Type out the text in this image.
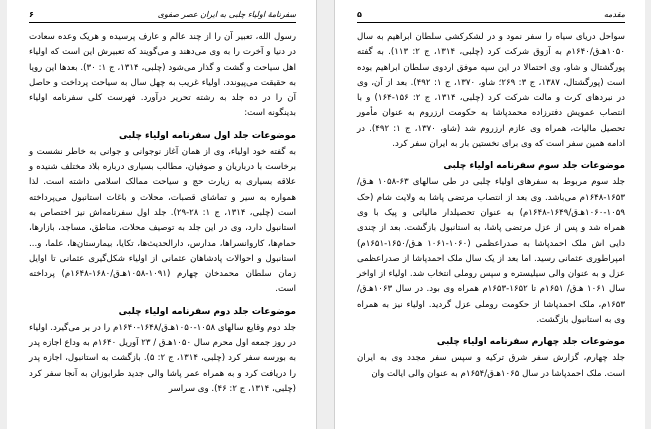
۶	سفرنامهٔ اولیاء چلبی به ایران عصر صفوی

رسول الله، تعبیر آن را از چند عالم و عارف پرسیده و هریک وعده سعادت در دنیا و آخرت را به وی می‌دهند و می‌گویند که تعبیرش این است که اولیاء اهل سیاحت و گشت و گذار می‌شود (چلبی، ۱۳۱۴، ج ۱: ۳۰). بعدها این رویا به حقیقت می‌پیوندد. اولیاء غریب به چهل سال به سیاحت پرداخت و حاصل آن را در ده جلد به رشته تحریر درآورد. فهرست کلی سفرنامه اولیاء بدینگونه است:

موضوعات جلد اول سفرنامه اولیاء چلبی

به گفته خود اولیاء، وی از همان آغاز نوجوانی و جوانی به خاطر نشست و برخاست با درباریان و صوفیان، مطالب بسیاری درباره بلاد مختلف شنیده و علاقه بسیاری به زیارت حج و سیاحت ممالک اسلامی داشته است. لذا همواره به سیر و تماشای قصبات، محلات و باغات استانبول می‌پرداخته است (چلبی، ۱۳۱۴، ج ۱: ۲۸-۲۹). جلد اول سفرنامه‌اش نیز اختصاص به استانبول دارد، وی در این جلد به توصیف محلات، مناطق، مساجد، بازارها، حمام‌ها، کاروانسراها، مدارس، دارالحدیث‌ها، تکایا، بیمارستان‌ها، علما، و... استانبول و احوالات پادشاهان عثمانی از اولیاء شکل‌گیری عثمانی تا اوایل زمان سلطان محمدخان چهارم (۱۰۹۱-۱۰۵۸هـ‌ق/۱۶۸۰-۱۶۴۸م) پرداخته است.

موضوعات جلد دوم سفرنامه اولیاء چلبی

جلد دوم وقایع سالهای ۱۰۵۸-۱۰۵۰هـ‌ق/۱۶۴۸-۱۶۴۰م را در بر می‌گیرد. اولیاء در روز جمعه اول محرم سال ۱۰۵۰هـ‌ق / ۲۳ آوریل ۱۶۴۰م به وداع اجازه پدر به بورسه سفر کرد (چلبی، ۱۳۱۴، ج ۲: ۵). بازگشت به استانبول، اجازه پدر را دریافت کرد و به همراه عمر پاشا والی جدید طرابوزان به آنجا سفر کرد (چلبی، ۱۳۱۴، ج ۲: ۴۶). وی سراسر

۵	مقدمه

سواحل دریای سیاه را سفر نمود و در لشکرکشی سلطان ابراهیم به سال ۱۰۵۰هـ‌ق/۱۶۴۰م به آزوق شرکت کرد (چلبی، ۱۳۱۴، ج ۲: ۱۱۳). به گفته پورگشتال و شاو، وی احتمالا در این سپه موفق اردوی سلطان ابراهیم بوده است (پورگشتال، ۱۳۸۷، ج ۳: ۲۶۹؛ شاو، ۱۳۷۰، ج ۱: ۴۹۲). بعد از آن، وی در نبردهای کرت و مالت شرکت کرد (چلبی، ۱۳۱۴، ج ۲: ۱۵۶-۱۶۴) و با انتصاب عمویش دفترزاده محمدپاشا به حکومت ارزروم به عنوان مأمور تحصیل مالیات، همراه وی عازم ارزروم شد (شاو، ۱۳۷۰، ج ۱: ۴۹۲). در ادامه همین سفر است که وی برای نخستین بار به ایران سفر کرد.

موضوعات جلد سوم سفرنامه اولیاء چلبی

جلد سوم مربوط به سفرهای اولیاء چلبی در طی سالهای ۶۳-۱۰۵۸ هـ‌ق/۱۶۵۳-۱۶۴۸م می‌باشد. وی بعد از انتصاب مرتضی پاشا به ولایت شام (حک ۱۰۵۹-۱۰۶۰هـ‌ق/۱۶۴۹-۱۶۴۸م) به عنوان تحصیلدار مالیاتی و پیک با وی همراه شد و پس از عزل مرتضی پاشا، به استانبول بازگشت. بعد از چندی دایی اش ملک احمدپاشا به صدراعظمی (۱۰۶۰-۱۰۶۱ هـ‌ق/۱۶۵۰-۱۶۵۱م) امپراطوری عثمانی رسید. اما بعد از یک سال ملک احمدپاشا از صدراعظمی عزل و به عنوان والی سیلیستره و سپس روملی انتخاب شد. اولیاء از اواخر سال ۱۰۶۱ هـ‌ق/ ۱۶۵۱م تا ۱۶۵۲-۱۶۵۳م همراه وی بود. در سال ۱۰۶۳هـ‌ق/۱۶۵۳م، ملک احمدپاشا از حکومت روملی عزل گردید. اولیاء نیز به همراه وی به استانبول بازگشت.

موضوعات جلد چهارم سفرنامه اولیاء چلبی

جلد چهارم، گزارش سفر شرق ترکیه و سپس سفر مجدد وی به ایران است. ملک احمدپاشا در سال ۱۰۶۵هـ‌ق/۱۶۵۴م به عنوان والی ایالت وان
